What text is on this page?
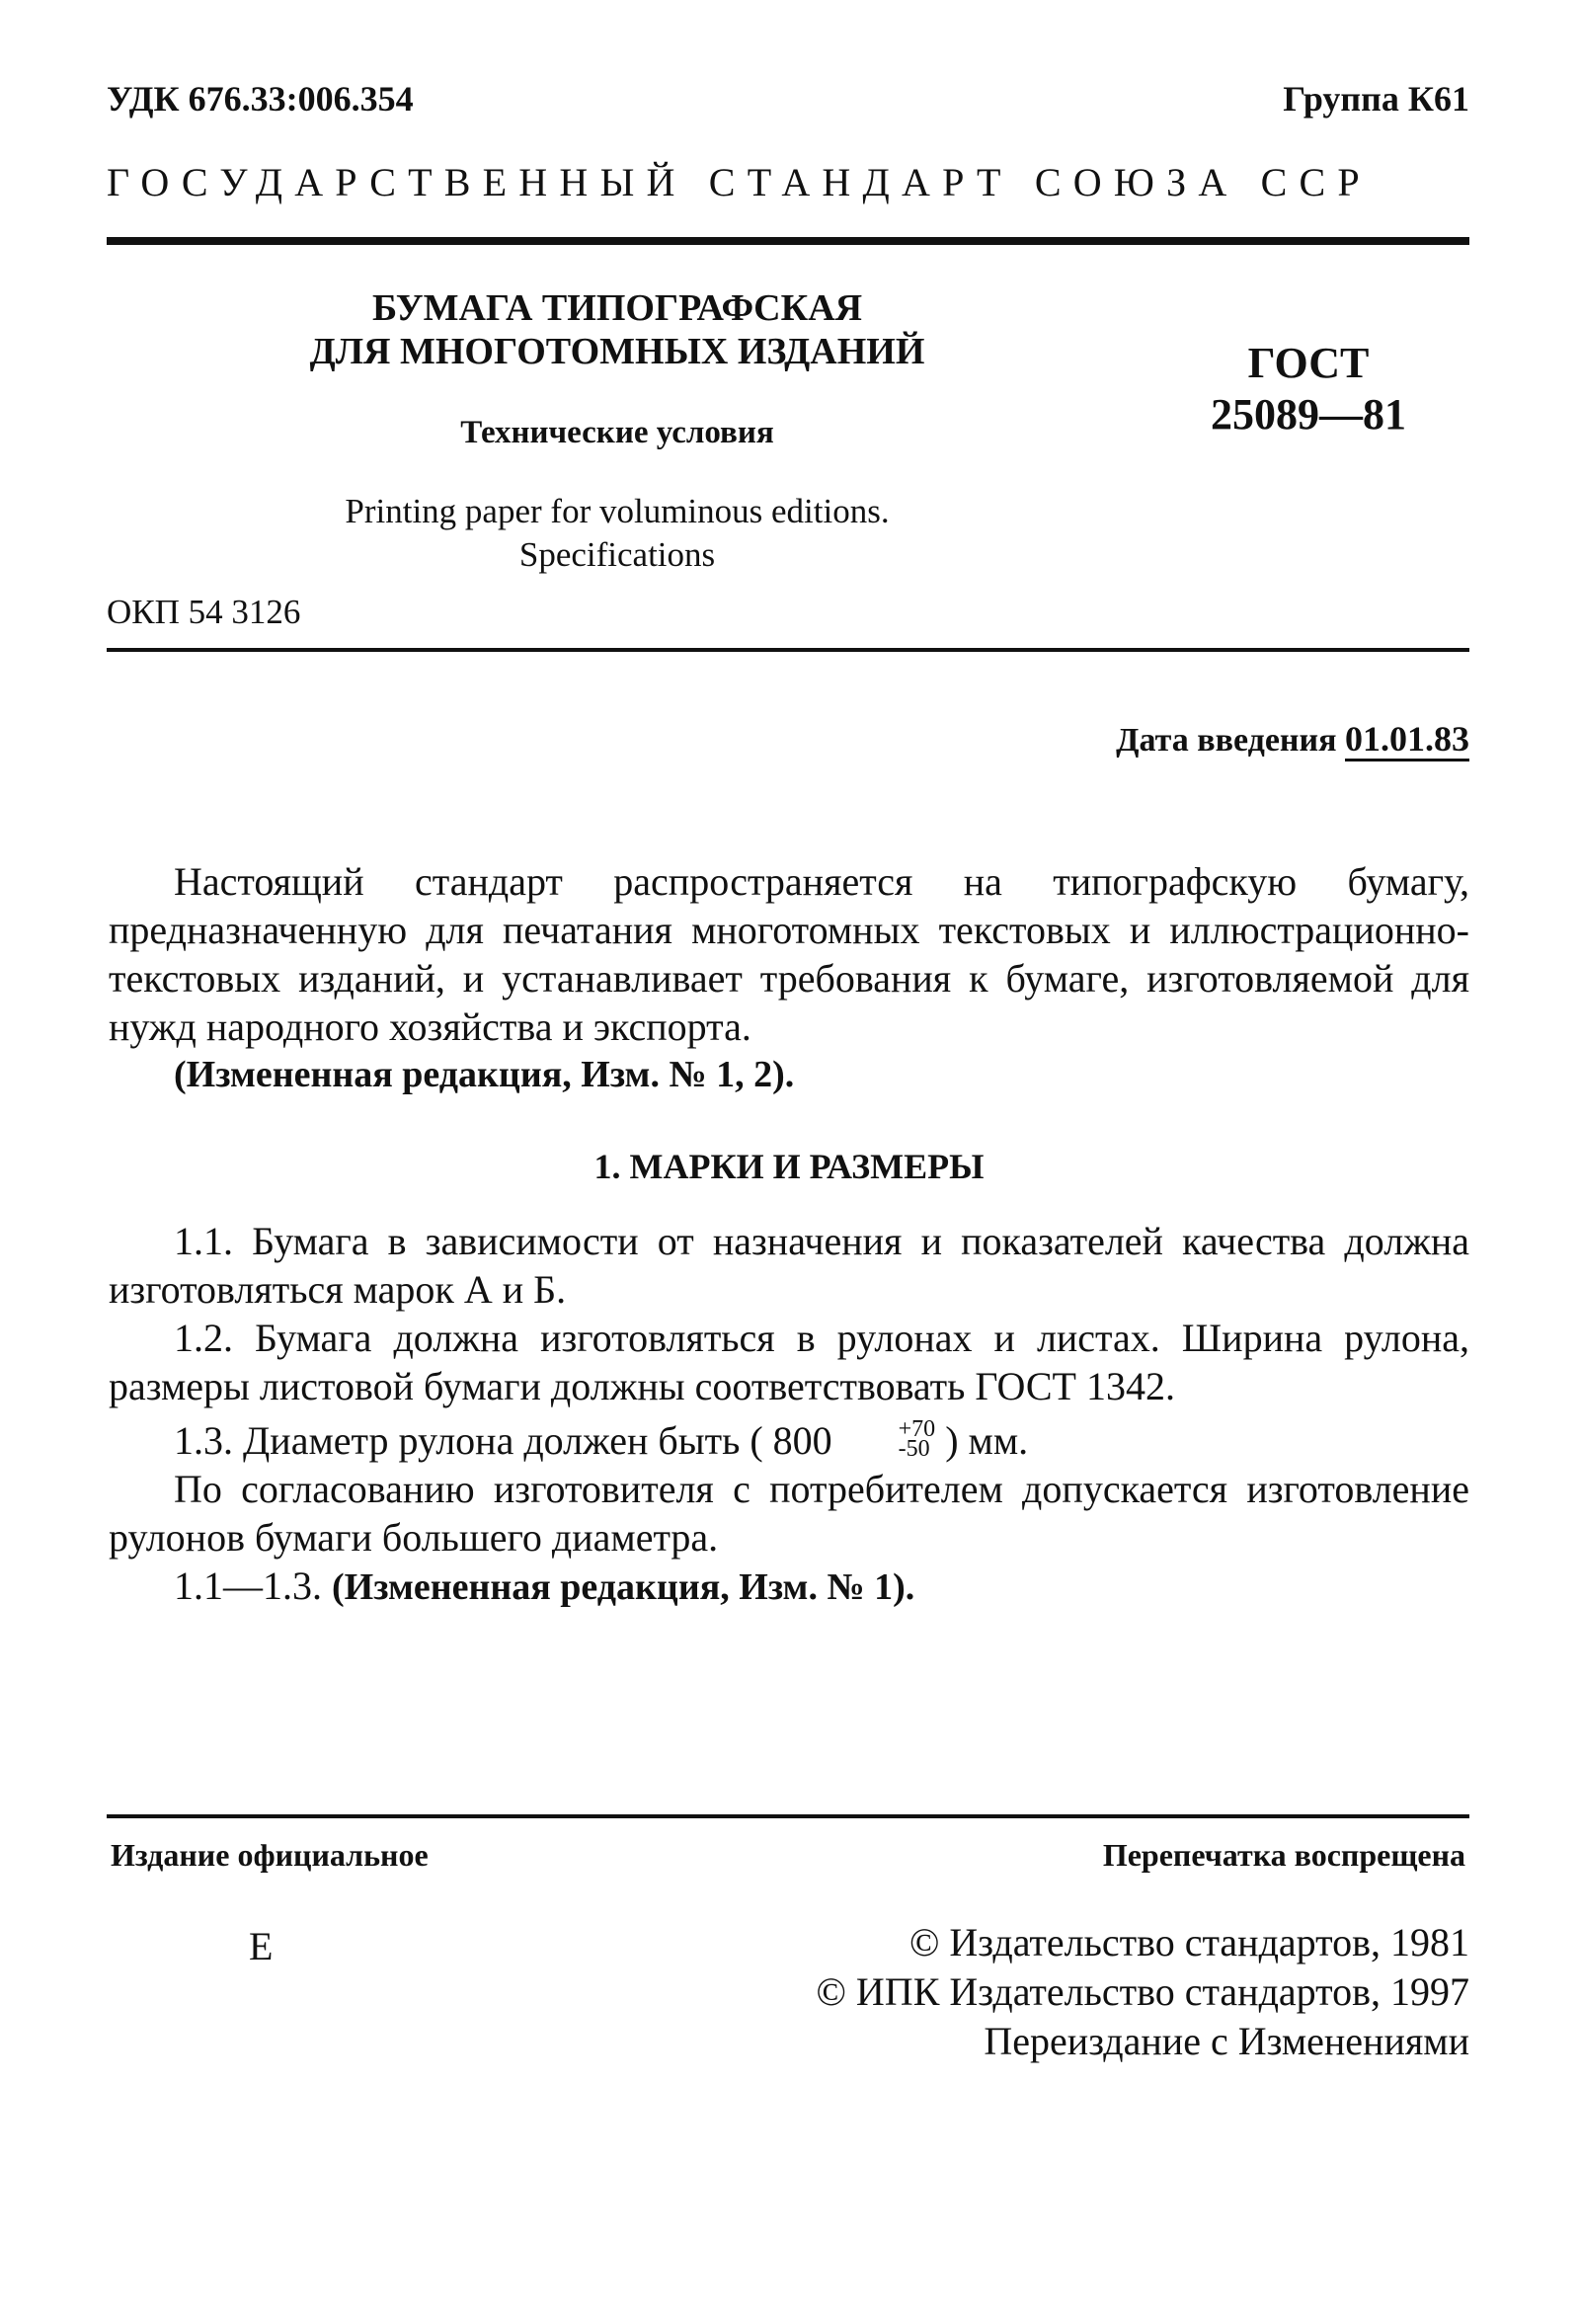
УДК 676.33:006.354	Группа К61
ГОСУДАРСТВЕННЫЙ СТАНДАРТ СОЮЗА ССР
БУМАГА ТИПОГРАФСКАЯ
ДЛЯ МНОГОТОМНЫХ ИЗДАНИЙ	ГОСТ
25089—81
Технические условия
Printing paper for voluminous editions.
Specifications
ОКП 54 3126
Дата введения 01.01.83

Настоящий стандарт распространяется на типографскую бумагу, предназначенную для печатания многотомных текстовых и иллюстрационно-текстовых изданий, и устанавливает требования к бумаге, изготовляемой для нужд народного хозяйства и экспорта.

(Измененная редакция, Изм. № 1, 2).

1. МАРКИ И РАЗМЕРЫ

1.1. Бумага в зависимости от назначения и показателей качества должна изготовляться марок А и Б.

1.2. Бумага должна изготовляться в рулонах и листах. Ширина рулона, размеры листовой бумаги должны соответствовать ГОСТ 1342.

1.3. Диаметр рулона должен быть ( 800	+70
-50 ) мм.

По согласованию изготовителя с потребителем допускается изготовление рулонов бумаги большего диаметра.

1.1—1.3. (Измененная редакция, Изм. № 1).

Издание официальное	Перепечатка воспрещена
Е	© Издательство стандартов, 1981
© ИПК Издательство стандартов, 1997
Переиздание с Изменениями
